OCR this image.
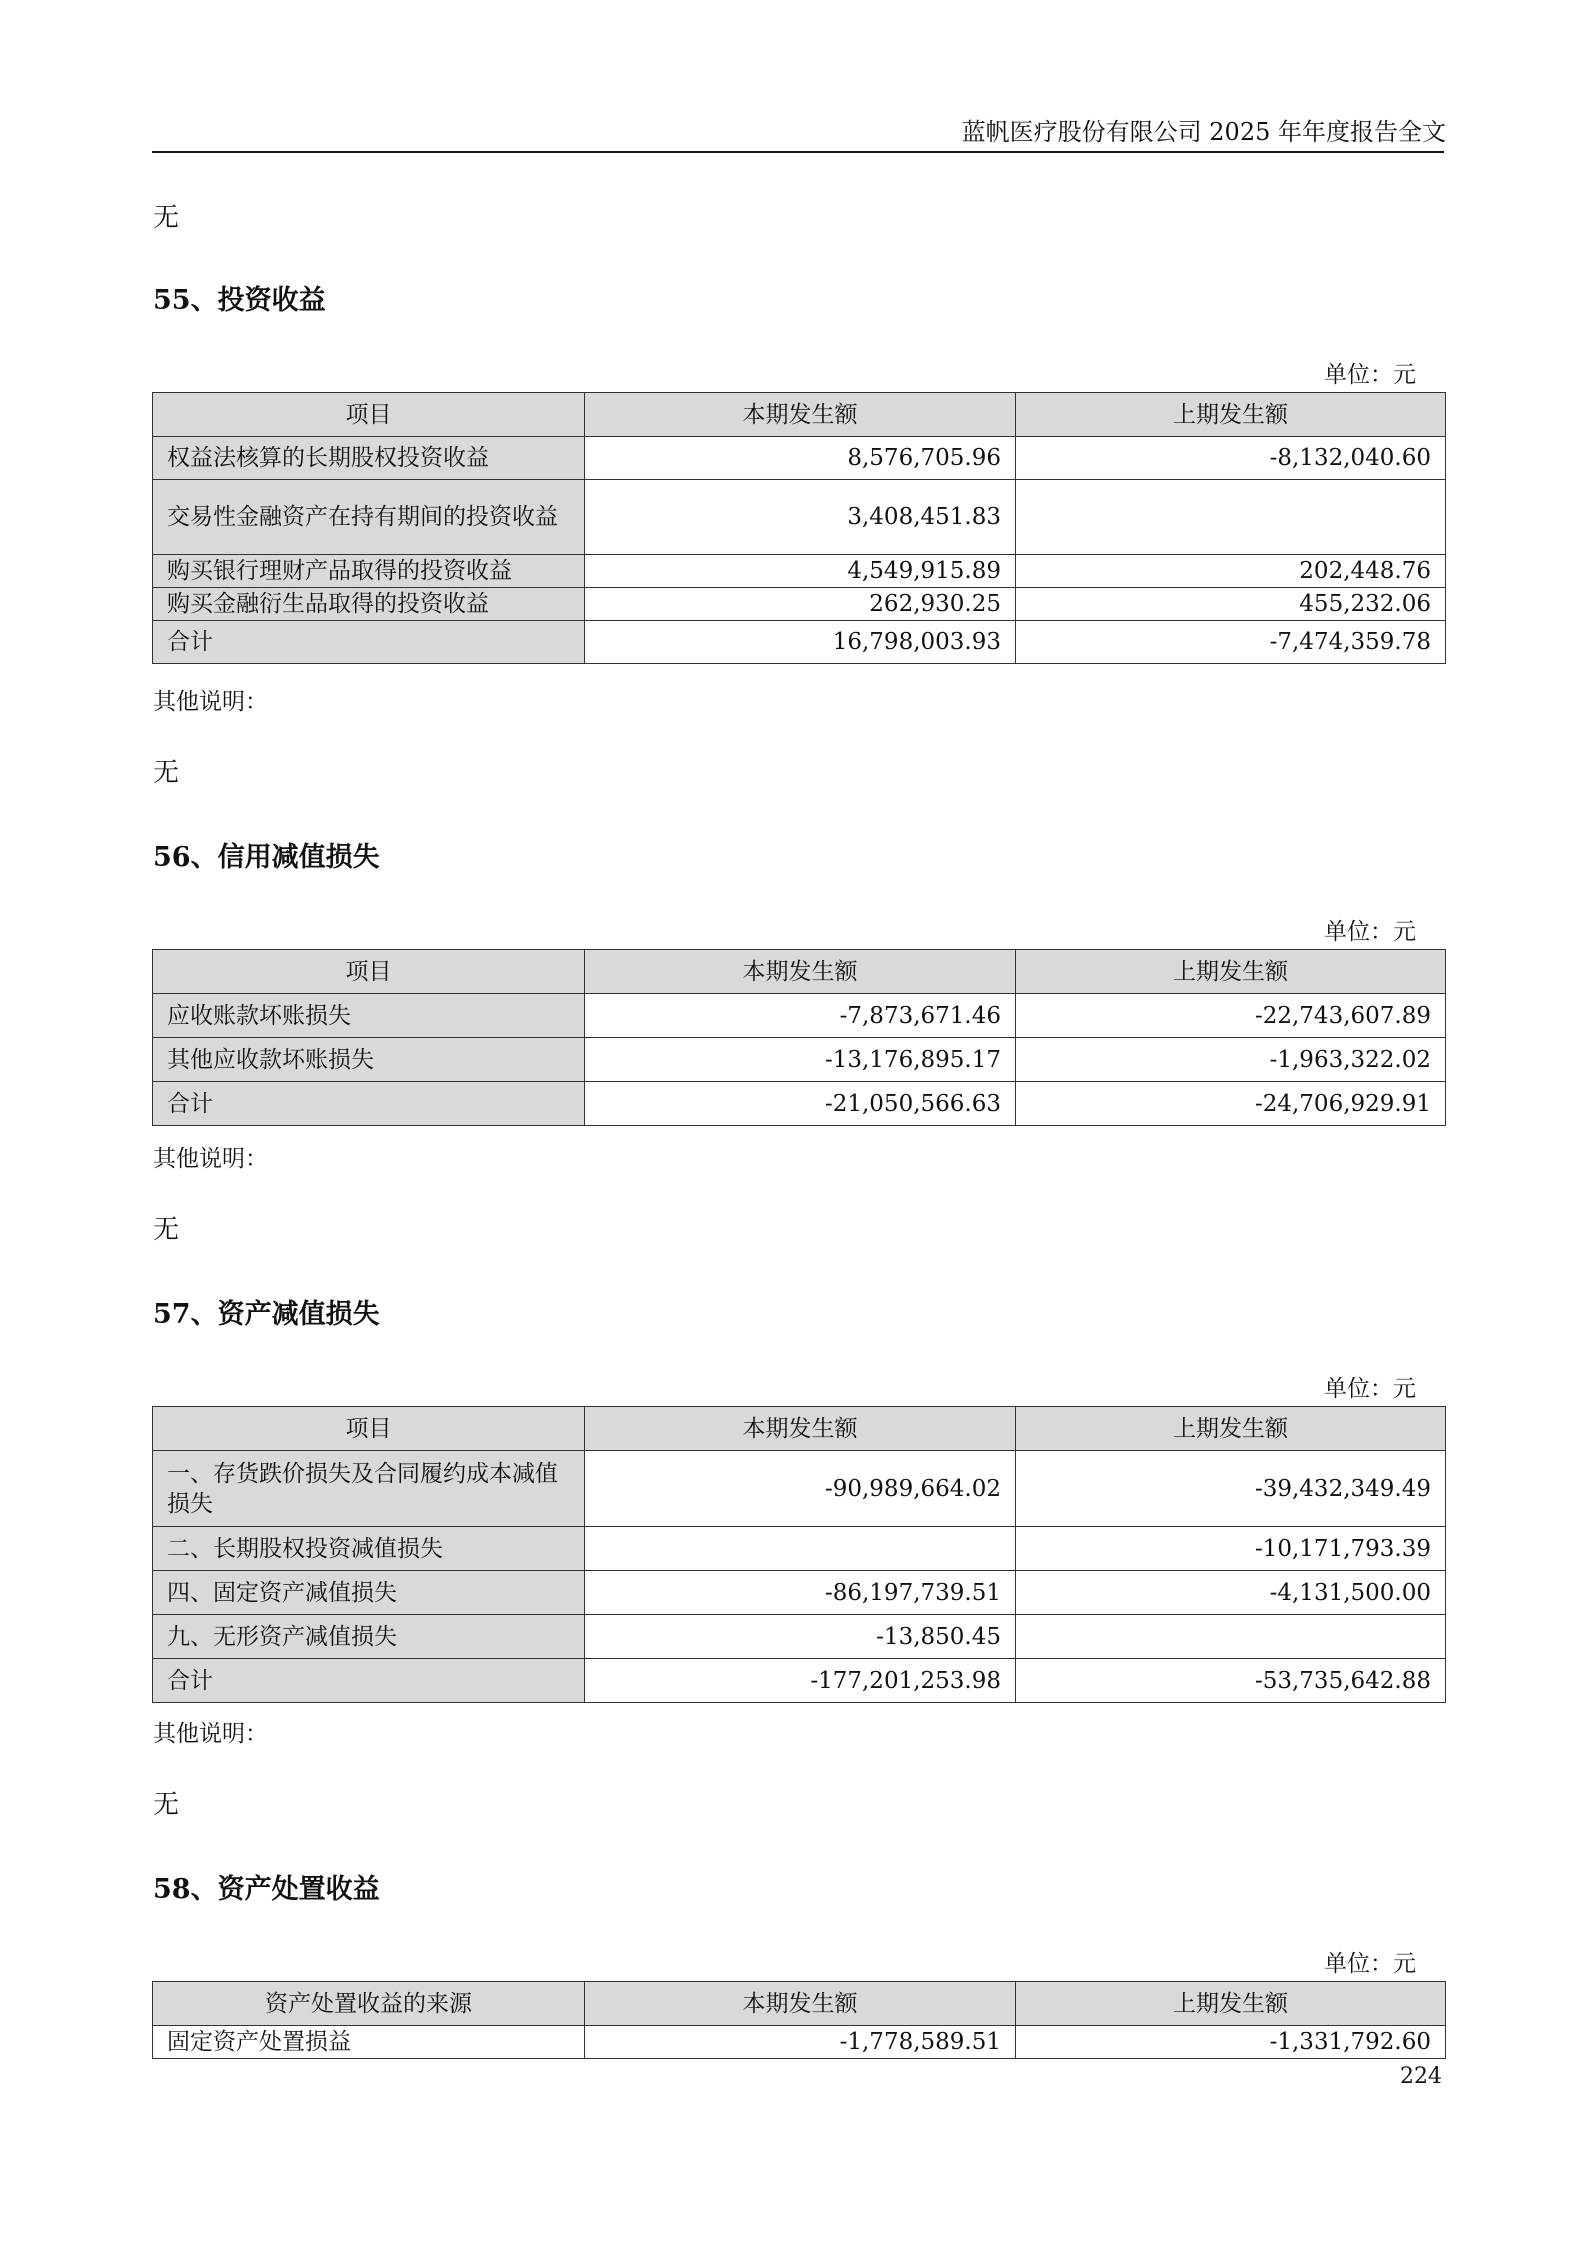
蓝帆医疗股份有限公司 2025 年年度报告全文
无
55、投资收益
单位：元
项目	本期发生额	上期发生额
权益法核算的长期股权投资收益	8,576,705.96	-8,132,040.60
交易性金融资产在持有期间的投资收益	3,408,451.83	
购买银行理财产品取得的投资收益	4,549,915.89	202,448.76
购买金融衍生品取得的投资收益	262,930.25	455,232.06
合计	16,798,003.93	-7,474,359.78
其他说明：
无
56、信用减值损失
单位：元
项目	本期发生额	上期发生额
应收账款坏账损失	-7,873,671.46	-22,743,607.89
其他应收款坏账损失	-13,176,895.17	-1,963,322.02
合计	-21,050,566.63	-24,706,929.91
其他说明：
无
57、资产减值损失
单位：元
项目	本期发生额	上期发生额
一、存货跌价损失及合同履约成本减值损失	-90,989,664.02	-39,432,349.49
二、长期股权投资减值损失		-10,171,793.39
四、固定资产减值损失	-86,197,739.51	-4,131,500.00
九、无形资产减值损失	-13,850.45	
合计	-177,201,253.98	-53,735,642.88
其他说明：
无
58、资产处置收益
单位：元
资产处置收益的来源	本期发生额	上期发生额
固定资产处置损益	-1,778,589.51	-1,331,792.60
224
